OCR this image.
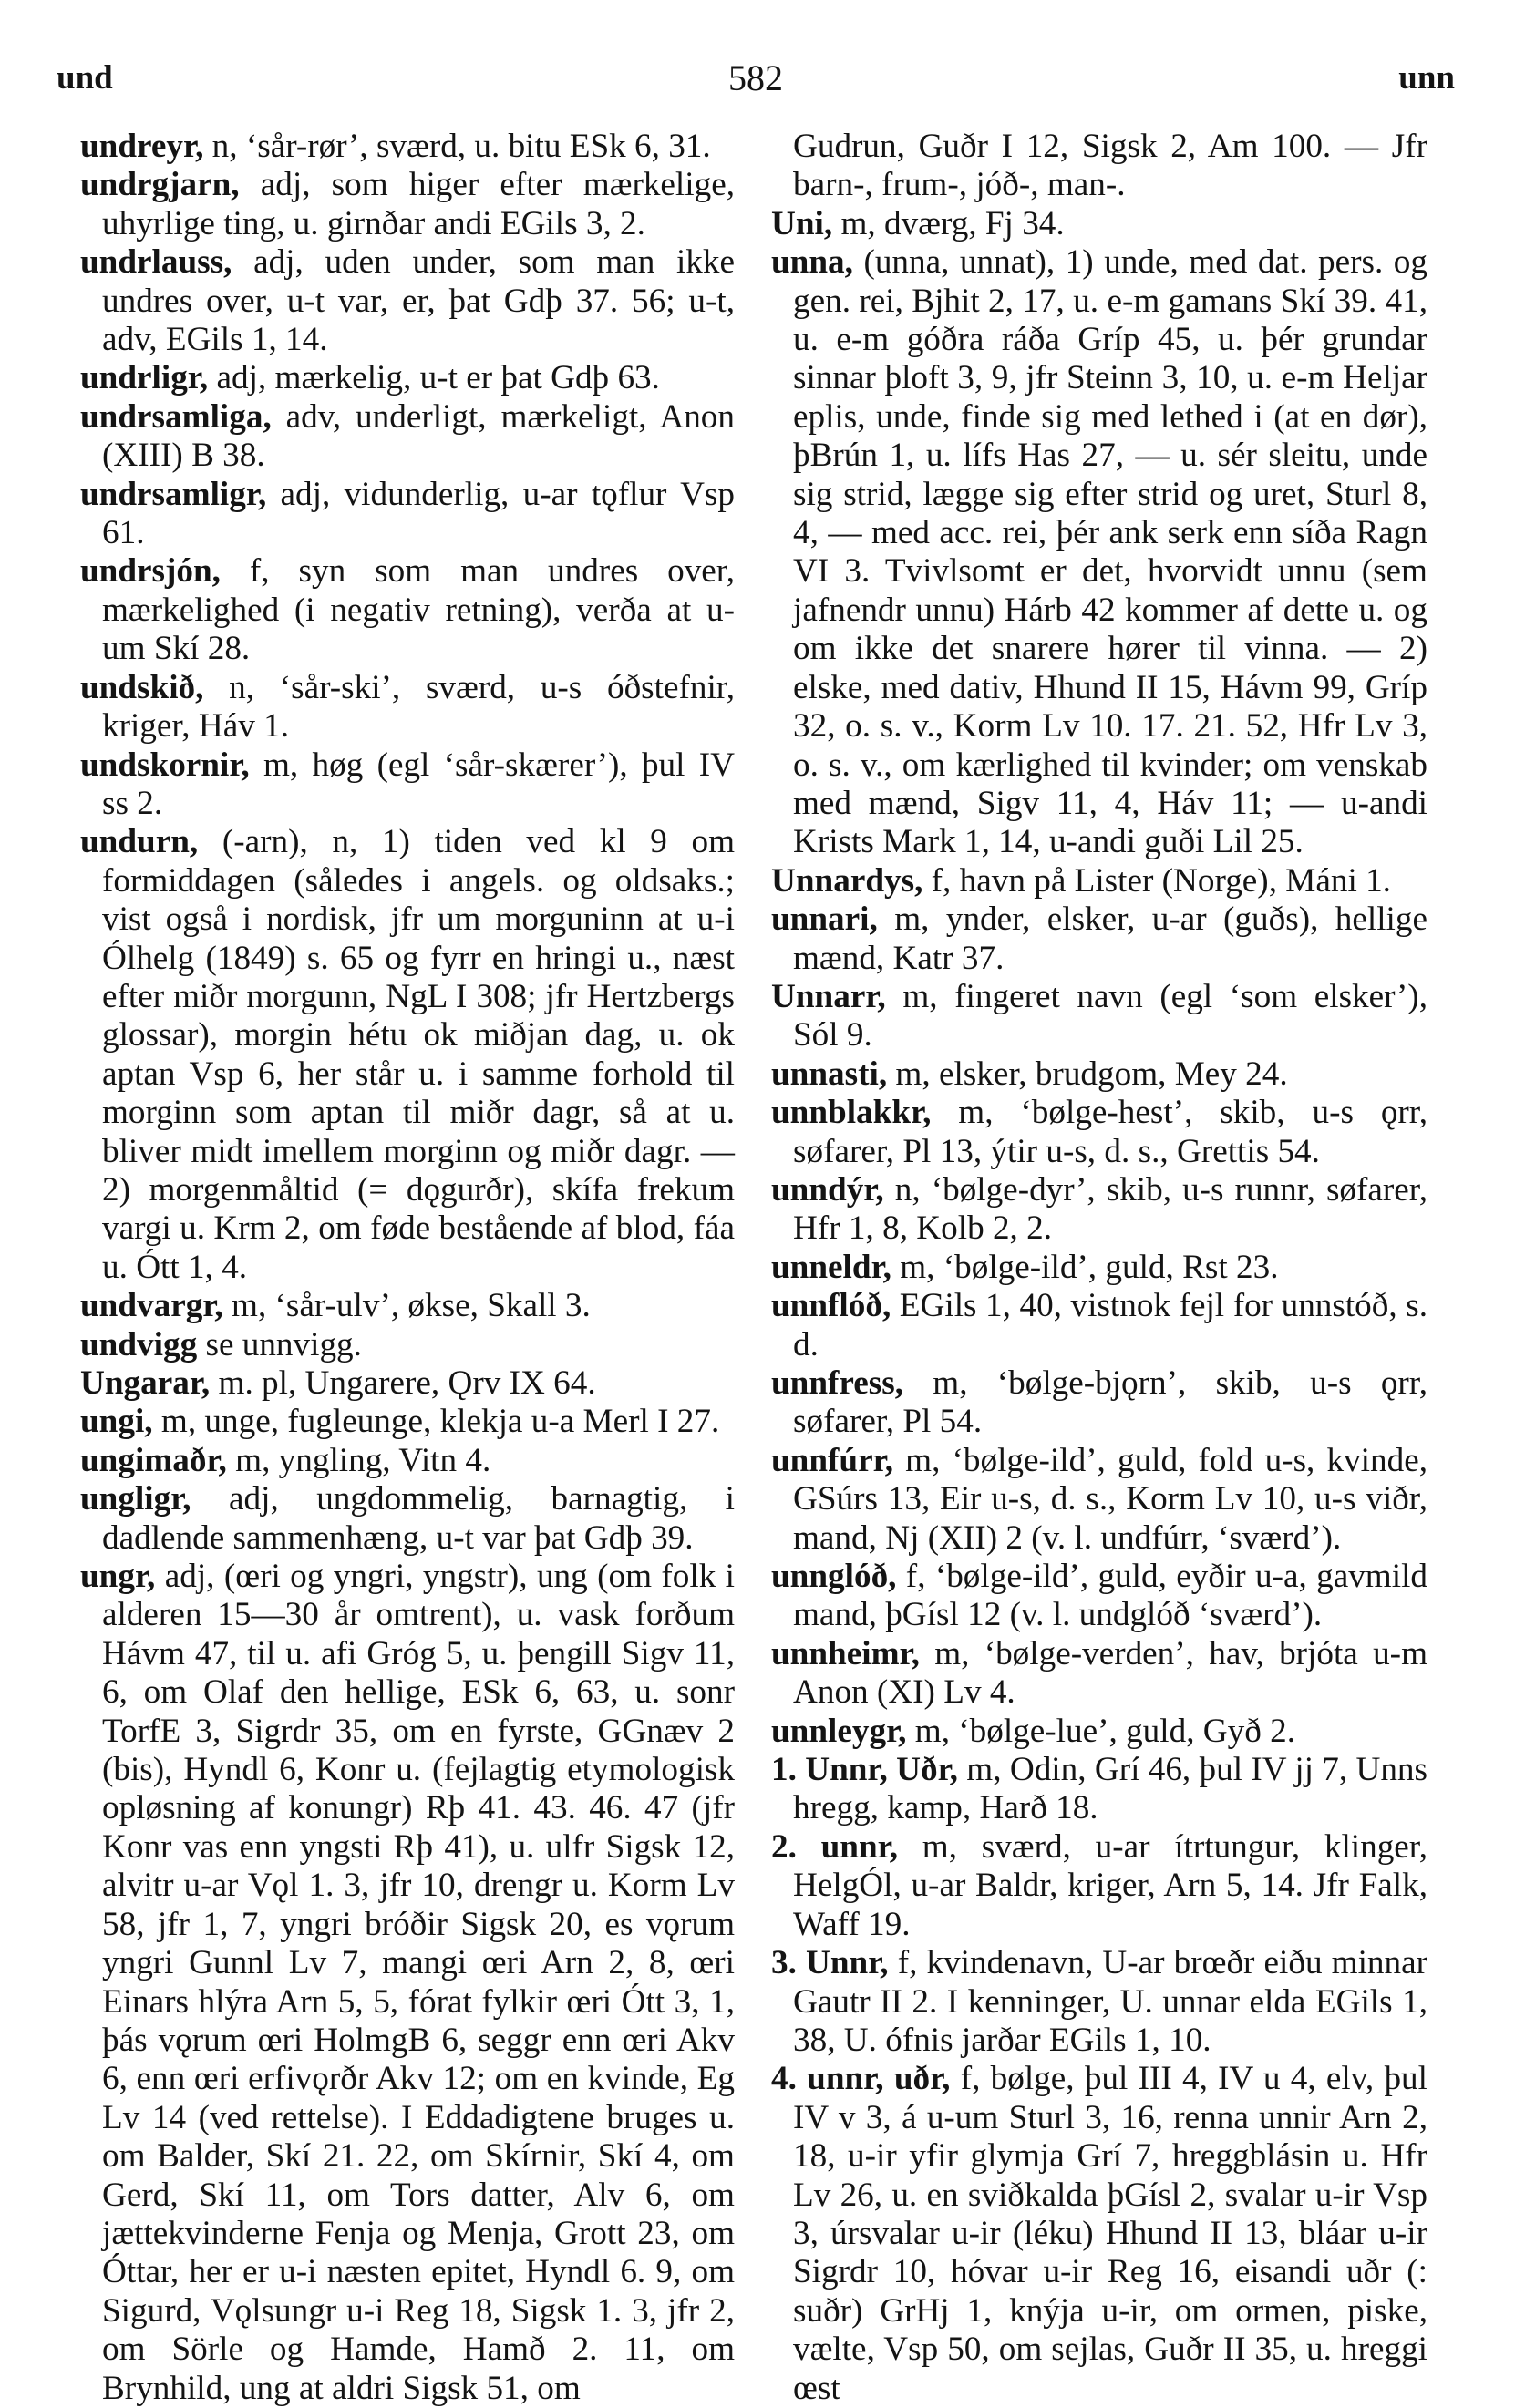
und	582	unn

undreyr, n, ‘sår-rør’, sværd, u. bitu ESk 6, 31.

undrgjarn, adj, som higer efter mærkelige, uhyrlige ting, u. girnðar andi EGils 3, 2.

undrlauss, adj, uden under, som man ikke undres over, u-t var, er, þat Gdþ 37. 56; u-t, adv, EGils 1, 14.

undrligr, adj, mærkelig, u-t er þat Gdþ 63.

undrsamliga, adv, underligt, mærkeligt, Anon (XIII) B 38.

undrsamligr, adj, vidunderlig, u-ar tǫflur Vsp 61.

undrsjón, f, syn som man undres over, mærkelighed (i negativ retning), verða at u-um Skí 28.

undskið, n, ‘sår-ski’, sværd, u-s óðstefnir, kriger, Háv 1.

undskornir, m, høg (egl ‘sår-skærer’), þul IV ss 2.

undurn, (-arn), n, 1) tiden ved kl 9 om formiddagen (således i angels. og oldsaks.; vist også i nordisk, jfr um morguninn at u-i Ólhelg (1849) s. 65 og fyrr en hringi u., næst efter miðr morgunn, NgL I 308; jfr Hertzbergs glossar), morgin hétu ok miðjan dag, u. ok aptan Vsp 6, her står u. i samme forhold til morginn som aptan til miðr dagr, så at u. bliver midt imellem morginn og miðr dagr. — 2) morgenmåltid (= dǫgurðr), skífa frekum vargi u. Krm 2, om føde bestående af blod, fáa u. Ótt 1, 4.

undvargr, m, ‘sår-ulv’, økse, Skall 3.

undvigg se unnvigg.

Ungarar, m. pl, Ungarere, Ǫrv IX 64.

ungi, m, unge, fugleunge, klekja u-a Merl I 27.

ungimaðr, m, yngling, Vitn 4.

ungligr, adj, ungdommelig, barnagtig, i dadlende sammenhæng, u-t var þat Gdþ 39.

ungr, adj, (œri og yngri, yngstr), ung (om folk i alderen 15—30 år omtrent), u. vask forðum Hávm 47, til u. afi Gróg 5, u. þengill Sigv 11, 6, om Olaf den hellige, ESk 6, 63, u. sonr TorfE 3, Sigrdr 35, om en fyrste, GGnæv 2 (bis), Hyndl 6, Konr u. (fejlagtig etymologisk opløsning af konungr) Rþ 41. 43. 46. 47 (jfr Konr vas enn yngsti Rþ 41), u. ulfr Sigsk 12, alvitr u-ar Vǫl 1. 3, jfr 10, drengr u. Korm Lv 58, jfr 1, 7, yngri bróðir Sigsk 20, es vǫrum yngri Gunnl Lv 7, mangi œri Arn 2, 8, œri Einars hlýra Arn 5, 5, fórat fylkir œri Ótt 3, 1, þás vǫrum œri HolmgB 6, seggr enn œri Akv 6, enn œri erfivǫrðr Akv 12; om en kvinde, Eg Lv 14 (ved rettelse). I Eddadigtene bruges u. om Balder, Skí 21. 22, om Skírnir, Skí 4, om Gerd, Skí 11, om Tors datter, Alv 6, om jættekvinderne Fenja og Menja, Grott 23, om Óttar, her er u-i næsten epitet, Hyndl 6. 9, om Sigurd, Vǫlsungr u-i Reg 18, Sigsk 1. 3, jfr 2, om Sörle og Hamde, Hamð 2. 11, om Brynhild, ung at aldri Sigsk 51, om

Gudrun, Guðr I 12, Sigsk 2, Am 100. — Jfr barn-, frum-, jóð-, man-.

Uni, m, dværg, Fj 34.

unna, (unna, unnat), 1) unde, med dat. pers. og gen. rei, Bjhit 2, 17, u. e-m gamans Skí 39. 41, u. e-m góðra ráða Gríp 45, u. þér grundar sinnar þloft 3, 9, jfr Steinn 3, 10, u. e-m Heljar eplis, unde, finde sig med lethed i (at en dør), þBrún 1, u. lífs Has 27, — u. sér sleitu, unde sig strid, lægge sig efter strid og uret, Sturl 8, 4, — med acc. rei, þér ank serk enn síða Ragn VI 3. Tvivlsomt er det, hvorvidt unnu (sem jafnendr unnu) Hárb 42 kommer af dette u. og om ikke det snarere hører til vinna. — 2) elske, med dativ, Hhund II 15, Hávm 99, Gríp 32, o. s. v., Korm Lv 10. 17. 21. 52, Hfr Lv 3, o. s. v., om kærlighed til kvinder; om venskab med mænd, Sigv 11, 4, Háv 11; — u-andi Krists Mark 1, 14, u-andi guði Lil 25.

Unnardys, f, havn på Lister (Norge), Máni 1.

unnari, m, ynder, elsker, u-ar (guðs), hellige mænd, Katr 37.

Unnarr, m, fingeret navn (egl ‘som elsker’), Sól 9.

unnasti, m, elsker, brudgom, Mey 24.

unnblakkr, m, ‘bølge-hest’, skib, u-s ǫrr, søfarer, Pl 13, ýtir u-s, d. s., Grettis 54.

unndýr, n, ‘bølge-dyr’, skib, u-s runnr, søfarer, Hfr 1, 8, Kolb 2, 2.

unneldr, m, ‘bølge-ild’, guld, Rst 23.

unnflóð, EGils 1, 40, vistnok fejl for unnstóð, s. d.

unnfress, m, ‘bølge-bjǫrn’, skib, u-s ǫrr, søfarer, Pl 54.

unnfúrr, m, ‘bølge-ild’, guld, fold u-s, kvinde, GSúrs 13, Eir u-s, d. s., Korm Lv 10, u-s viðr, mand, Nj (XII) 2 (v. l. undfúrr, ‘sværd’).

unnglóð, f, ‘bølge-ild’, guld, eyðir u-a, gavmild mand, þGísl 12 (v. l. undglóð ‘sværd’).

unnheimr, m, ‘bølge-verden’, hav, brjóta u-m Anon (XI) Lv 4.

unnleygr, m, ‘bølge-lue’, guld, Gyð 2.

1. Unnr, Uðr, m, Odin, Grí 46, þul IV jj 7, Unns hregg, kamp, Harð 18.

2. unnr, m, sværd, u-ar ítrtungur, klinger, HelgÓl, u-ar Baldr, kriger, Arn 5, 14. Jfr Falk, Waff 19.

3. Unnr, f, kvindenavn, U-ar brœðr eiðu minnar Gautr II 2. I kenninger, U. unnar elda EGils 1, 38, U. ófnis jarðar EGils 1, 10.

4. unnr, uðr, f, bølge, þul III 4, IV u 4, elv, þul IV v 3, á u-um Sturl 3, 16, renna unnir Arn 2, 18, u-ir yfir glymja Grí 7, hreggblásin u. Hfr Lv 26, u. en sviðkalda þGísl 2, svalar u-ir Vsp 3, úrsvalar u-ir (léku) Hhund II 13, bláar u-ir Sigrdr 10, hóvar u-ir Reg 16, eisandi uðr (: suðr) GrHj 1, knýja u-ir, om ormen, piske, vælte, Vsp 50, om sejlas, Guðr II 35, u. hreggi œst
